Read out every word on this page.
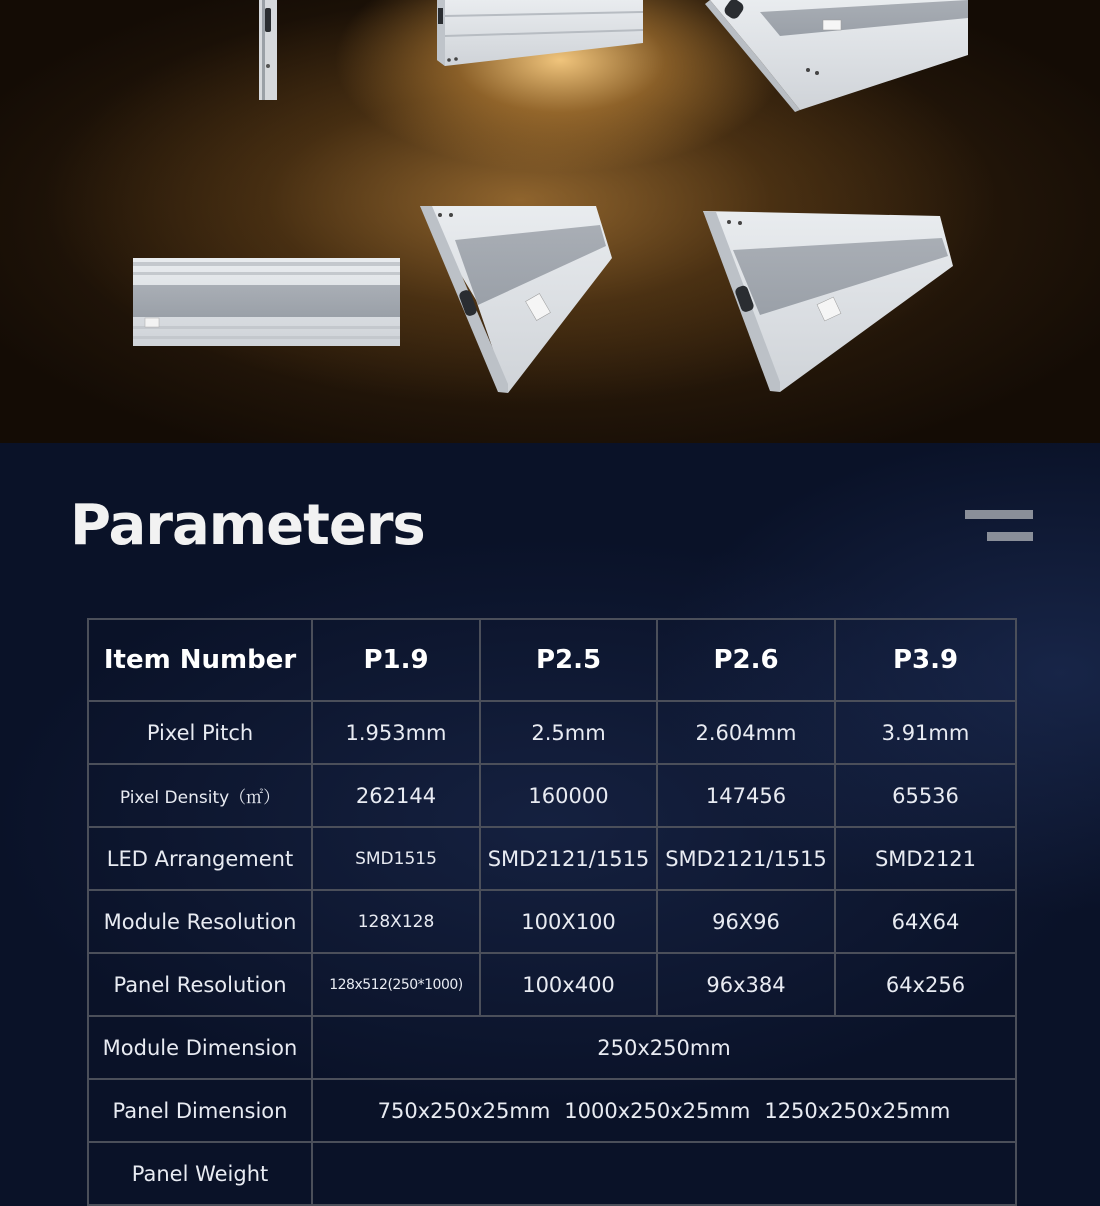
Parameters
Item Number	P1.9	P2.5	P2.6	P3.9
Pixel Pitch	1.953mm	2.5mm	2.604mm	3.91mm
Pixel Density（㎡）	262144	160000	147456	65536
LED Arrangement	SMD1515	SMD2121/1515	SMD2121/1515	SMD2121
Module Resolution	128X128	100X100	96X96	64X64
Panel Resolution	128x512(250*1000)	100x400	96x384	64x256
Module Dimension	250x250mm			
Panel Dimension	750x250x25mm 1000x250x25mm 1250x250x25mm			
Panel Weight				
